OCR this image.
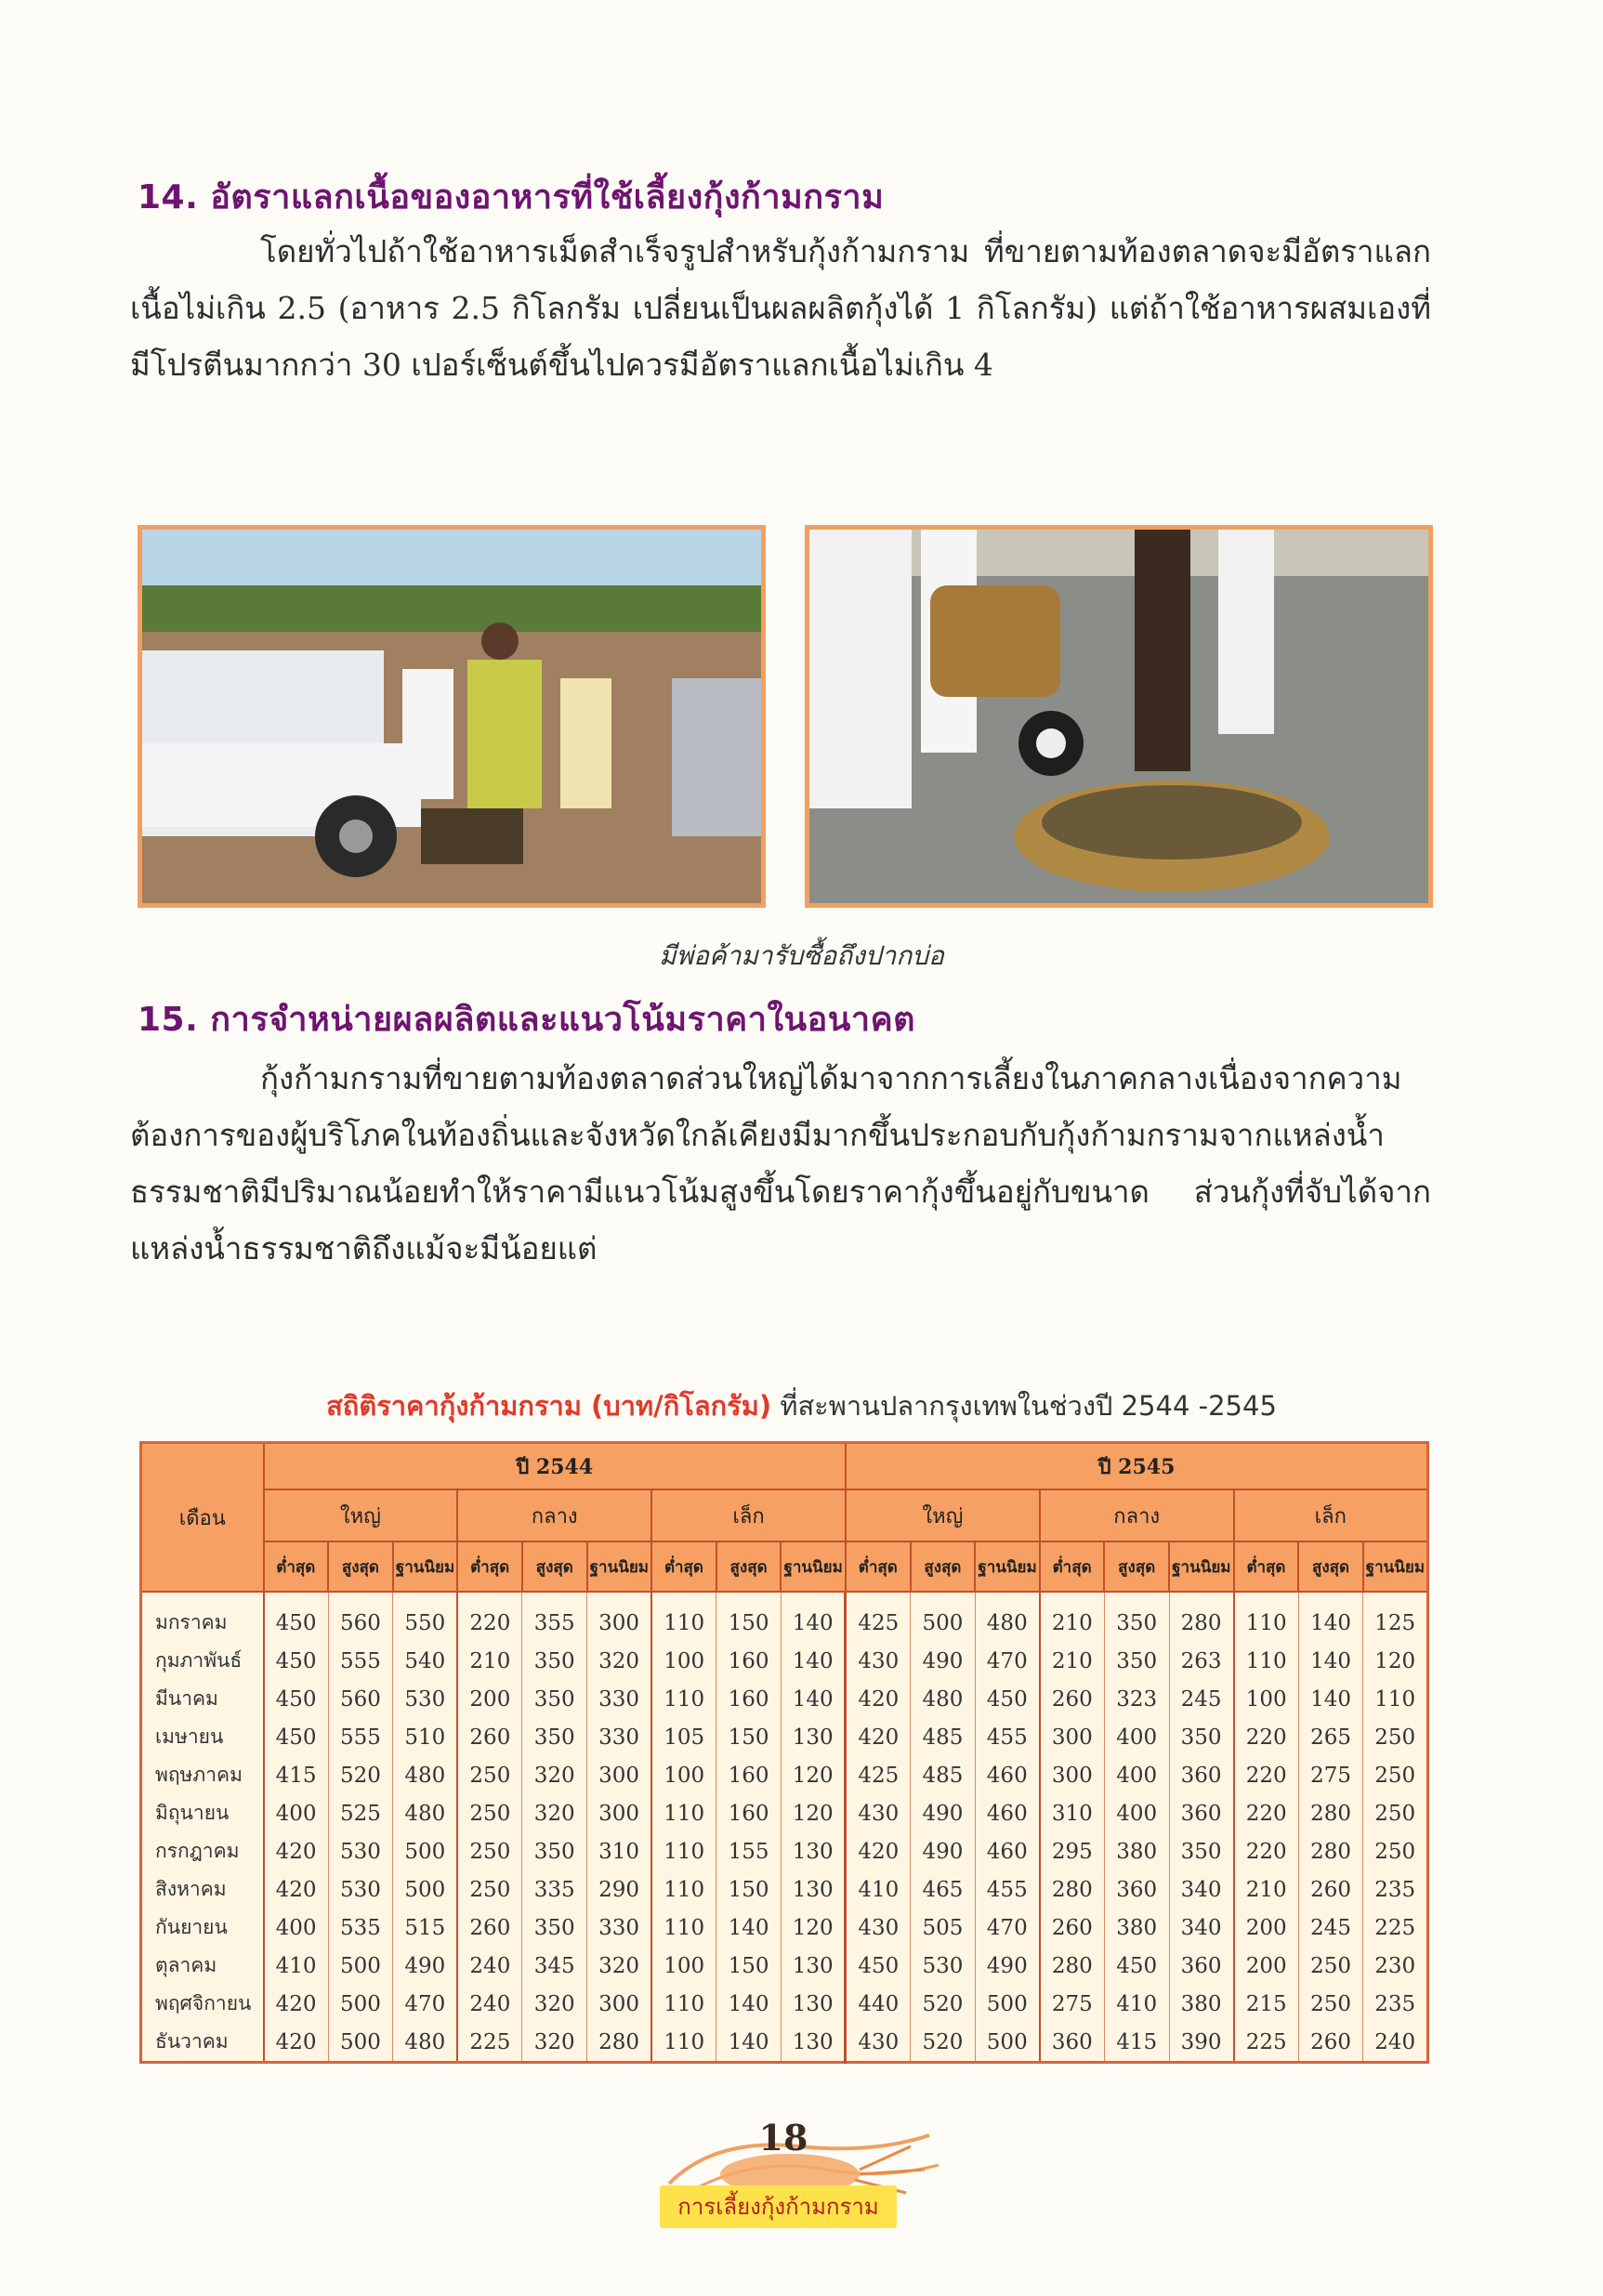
14. อัตราแลกเนื้อของอาหารที่ใช้เลี้ยงกุ้งก้ามกราม

โดยทั่วไปถ้าใช้อาหารเม็ดสำเร็จรูปสำหรับกุ้งก้ามกราม ที่ขายตามท้องตลาดจะมีอัตราแลกเนื้อไม่เกิน 2.5 (อาหาร 2.5 กิโลกรัม เปลี่ยนเป็นผลผลิตกุ้งได้ 1 กิโลกรัม) แต่ถ้าใช้อาหารผสมเองที่มีโปรตีนมากกว่า 30 เปอร์เซ็นต์ขึ้นไปควรมีอัตราแลกเนื้อไม่เกิน 4

มีพ่อค้ามารับซื้อถึงปากบ่อ
15. การจำหน่ายผลผลิตและแนวโน้มราคาในอนาคต

กุ้งก้ามกรามที่ขายตามท้องตลาดส่วนใหญ่ได้มาจากการเลี้ยงในภาคกลางเนื่องจากความต้องการของผู้บริโภคในท้องถิ่นและจังหวัดใกล้เคียงมีมากขึ้นประกอบกับกุ้งก้ามกรามจากแหล่งน้ำธรรมชาติมีปริมาณน้อยทำให้ราคามีแนวโน้มสูงขึ้นโดยราคากุ้งขึ้นอยู่กับขนาด ส่วนกุ้งที่จับได้จากแหล่งน้ำธรรมชาติถึงแม้จะมีน้อยแต่

สถิติราคากุ้งก้ามกราม (บาท/กิโลกรัม) ที่สะพานปลากรุงเทพในช่วงปี 2544 -2545
เดือน	ปี 2544									ปี 2545								
	ใหญ่			กลาง			เล็ก			ใหญ่			กลาง			เล็ก		
	ต่ำสุด	สูงสุด	ฐานนิยม	ต่ำสุด	สูงสุด	ฐานนิยม	ต่ำสุด	สูงสุด	ฐานนิยม	ต่ำสุด	สูงสุด	ฐานนิยม	ต่ำสุด	สูงสุด	ฐานนิยม	ต่ำสุด	สูงสุด	ฐานนิยม
มกราคม	450	560	550	220	355	300	110	150	140	425	500	480	210	350	280	110	140	125
กุมภาพันธ์	450	555	540	210	350	320	100	160	140	430	490	470	210	350	263	110	140	120
มีนาคม	450	560	530	200	350	330	110	160	140	420	480	450	260	323	245	100	140	110
เมษายน	450	555	510	260	350	330	105	150	130	420	485	455	300	400	350	220	265	250
พฤษภาคม	415	520	480	250	320	300	100	160	120	425	485	460	300	400	360	220	275	250
มิถุนายน	400	525	480	250	320	300	110	160	120	430	490	460	310	400	360	220	280	250
กรกฎาคม	420	530	500	250	350	310	110	155	130	420	490	460	295	380	350	220	280	250
สิงหาคม	420	530	500	250	335	290	110	150	130	410	465	455	280	360	340	210	260	235
กันยายน	400	535	515	260	350	330	110	140	120	430	505	470	260	380	340	200	245	225
ตุลาคม	410	500	490	240	345	320	100	150	130	450	530	490	280	450	360	200	250	230
พฤศจิกายน	420	500	470	240	320	300	110	140	130	440	520	500	275	410	380	215	250	235
ธันวาคม	420	500	480	225	320	280	110	140	130	430	520	500	360	415	390	225	260	240
18
การเลี้ยงกุ้งก้ามกราม
